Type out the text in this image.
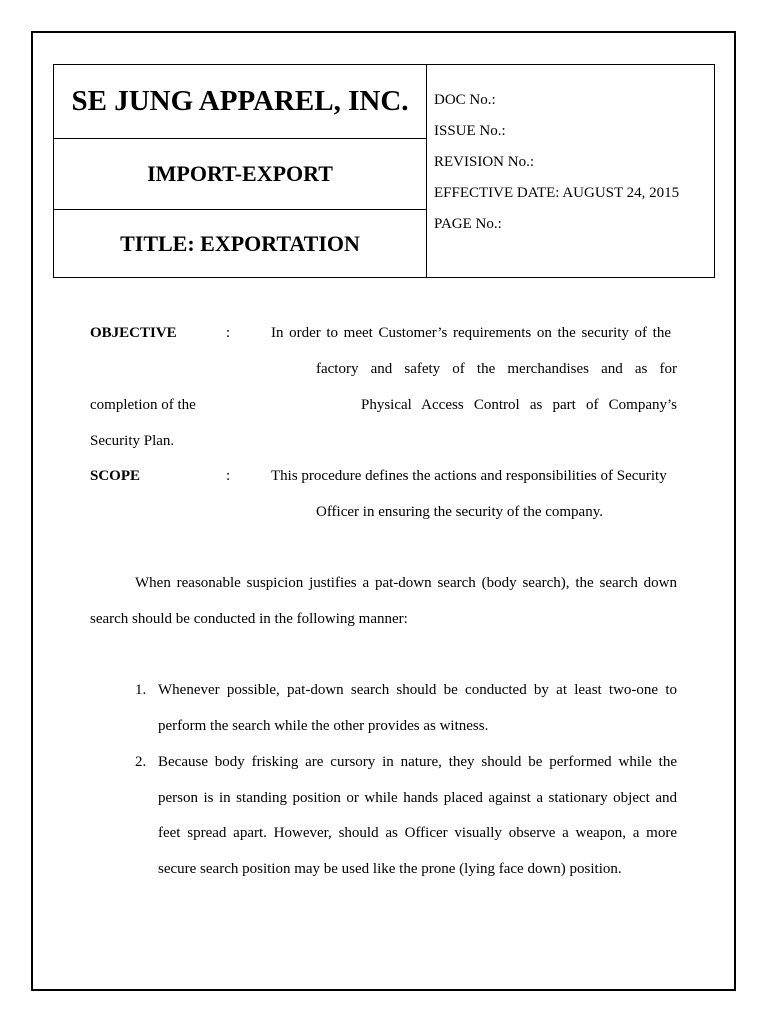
SE JUNG APPAREL, INC.
IMPORT-EXPORT
TITLE: EXPORTATION
DOC No.:
ISSUE No.:
REVISION No.:
EFFECTIVE DATE: AUGUST 24, 2015
PAGE No.:
OBJECTIVE	:	In order to meet Customer’s requirements on the security of the
factory and safety of the merchandises and as for
completion of the	Physical Access Control as part of Company’s
Security Plan.
SCOPE	:	This procedure defines the actions and responsibilities of Security
Officer in ensuring the security of the company.
When reasonable suspicion justifies a pat-down search (body search), the search down
search should be conducted in the following manner:
1. Whenever possible, pat-down search should be conducted by at least two-one to
perform the search while the other provides as witness.
2. Because body frisking are cursory in nature, they should be performed while the
person is in standing position or while hands placed against a stationary object and
feet spread apart. However, should as Officer visually observe a weapon, a more
secure search position may be used like the prone (lying face down) position.
